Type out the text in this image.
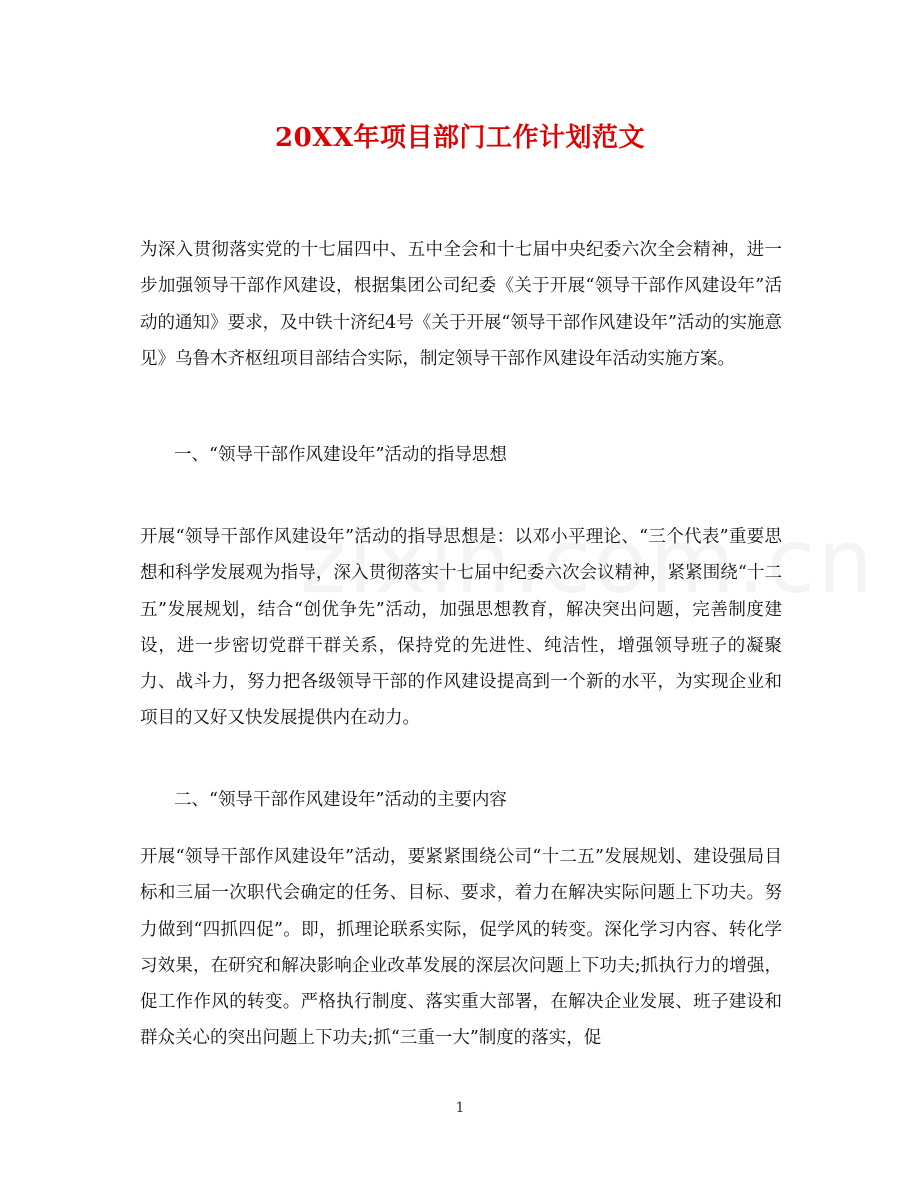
20XX年项目部门工作计划范文

为深入贯彻落实党的十七届四中、五中全会和十七届中央纪委六次全会精神，进一步加强领导干部作风建设，根据集团公司纪委《关于开展“领导干部作风建设年”活动的通知》要求，及中铁十济纪4号《关于开展“领导干部作风建设年”活动的实施意见》乌鲁木齐枢纽项目部结合实际，制定领导干部作风建设年活动实施方案。

一、“领导干部作风建设年”活动的指导思想

开展“领导干部作风建设年”活动的指导思想是：以邓小平理论、“三个代表”重要思想和科学发展观为指导，深入贯彻落实十七届中纪委六次会议精神，紧紧围绕“十二五”发展规划，结合“创优争先”活动，加强思想教育，解决突出问题，完善制度建设，进一步密切党群干群关系，保持党的先进性、纯洁性，增强领导班子的凝聚力、战斗力，努力把各级领导干部的作风建设提高到一个新的水平，为实现企业和项目的又好又快发展提供内在动力。

二、“领导干部作风建设年”活动的主要内容

开展“领导干部作风建设年”活动，要紧紧围绕公司“十二五”发展规划、建设强局目标和三届一次职代会确定的任务、目标、要求，着力在解决实际问题上下功夫。努力做到“四抓四促”。即，抓理论联系实际，促学风的转变。深化学习内容、转化学习效果，在研究和解决影响企业改革发展的深层次问题上下功夫;抓执行力的增强，促工作作风的转变。严格执行制度、落实重大部署，在解决企业发展、班子建设和群众关心的突出问题上下功夫;抓“三重一大”制度的落实，促

1
